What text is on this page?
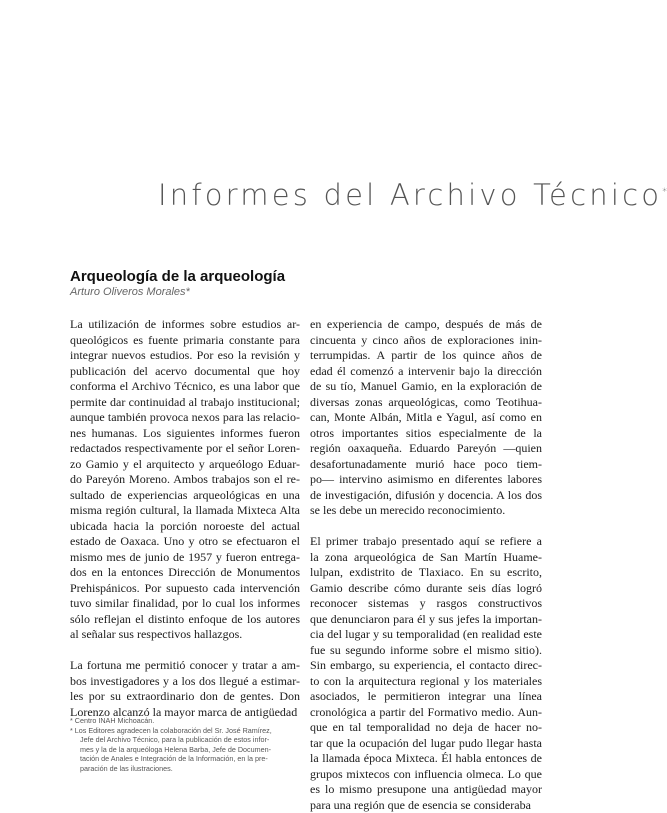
Informes del Archivo Técnico*
Arqueología de la arqueología
Arturo Oliveros Morales*

La utilización de informes sobre estudios ar-

queológicos es fuente primaria constante para

integrar nuevos estudios. Por eso la revisión y

publicación del acervo documental que hoy

conforma el Archivo Técnico, es una labor que

permite dar continuidad al trabajo institucional;

aunque también provoca nexos para las relacio-

nes humanas. Los siguientes informes fueron

redactados respectivamente por el señor Loren-

zo Gamio y el arquitecto y arqueólogo Eduar-

do Pareyón Moreno. Ambos trabajos son el re-

sultado de experiencias arqueológicas en una

misma región cultural, la llamada Mixteca Alta

ubicada hacia la porción noroeste del actual

estado de Oaxaca. Uno y otro se efectuaron el

mismo mes de junio de 1957 y fueron entrega-

dos en la entonces Dirección de Monumentos

Prehispánicos. Por supuesto cada intervención

tuvo similar finalidad, por lo cual los informes

sólo reflejan el distinto enfoque de los autores

al señalar sus respectivos hallazgos.

La fortuna me permitió conocer y tratar a am-

bos investigadores y a los dos llegué a estimar-

les por su extraordinario don de gentes. Don

Lorenzo alcanzó la mayor marca de antigüedad

en experiencia de campo, después de más de

cincuenta y cinco años de exploraciones inin-

terrumpidas. A partir de los quince años de

edad él comenzó a intervenir bajo la dirección

de su tío, Manuel Gamio, en la exploración de

diversas zonas arqueológicas, como Teotihua-

can, Monte Albán, Mitla e Yagul, así como en

otros importantes sitios especialmente de la

región oaxaqueña. Eduardo Pareyón —quien

desafortunadamente murió hace poco tiem-

po— intervino asimismo en diferentes labores

de investigación, difusión y docencia. A los dos

se les debe un merecido reconocimiento.

El primer trabajo presentado aquí se refiere a

la zona arqueológica de San Martín Huame-

lulpan, exdistrito de Tlaxiaco. En su escrito,

Gamio describe cómo durante seis días logró

reconocer sistemas y rasgos constructivos

que denunciaron para él y sus jefes la importan-

cia del lugar y su temporalidad (en realidad este

fue su segundo informe sobre el mismo sitio).

Sin embargo, su experiencia, el contacto direc-

to con la arquitectura regional y los materiales

asociados, le permitieron integrar una línea

cronológica a partir del Formativo medio. Aun-

que en tal temporalidad no deja de hacer no-

tar que la ocupación del lugar pudo llegar hasta

la llamada época Mixteca. Él habla entonces de

grupos mixtecos con influencia olmeca. Lo que

es lo mismo presupone una antigüedad mayor

para una región que de esencia se consideraba

* Centro INAH Michoacán.
* Los Editores agradecen la colaboración del Sr. José Ramírez,
Jefe del Archivo Técnico, para la publicación de estos infor-
mes y la de la arqueóloga Helena Barba, Jefe de Documen-
tación de Anales e Integración de la Información, en la pre-
paración de las ilustraciones.
